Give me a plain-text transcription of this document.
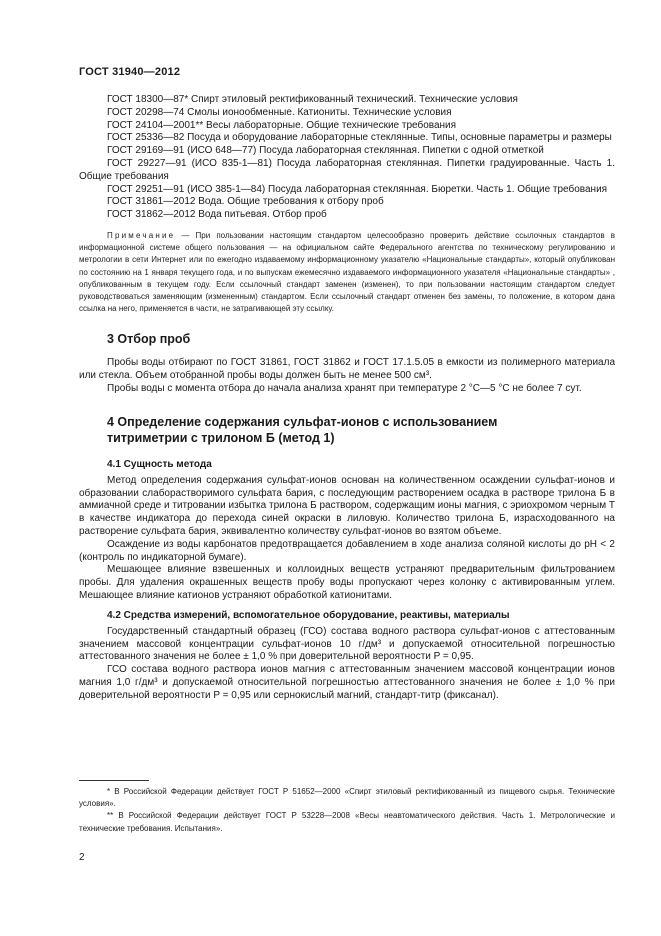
ГОСТ 31940—2012

ГОСТ 18300—87* Спирт этиловый ректификованный технический. Технические условия

ГОСТ 20298—74 Смолы ионообменные. Катиониты. Технические условия

ГОСТ 24104—2001** Весы лабораторные. Общие технические требования

ГОСТ 25336—82 Посуда и оборудование лабораторные стеклянные. Типы, основные параметры и размеры

ГОСТ 29169—91 (ИСО 648—77) Посуда лабораторная стеклянная. Пипетки с одной отметкой

ГОСТ 29227—91 (ИСО 835-1—81) Посуда лабораторная стеклянная. Пипетки градуированные. Часть 1. Общие требования

ГОСТ 29251—91 (ИСО 385-1—84) Посуда лабораторная стеклянная. Бюретки. Часть 1. Общие требования

ГОСТ 31861—2012 Вода. Общие требования к отбору проб

ГОСТ 31862—2012 Вода питьевая. Отбор проб

Примечание — При пользовании настоящим стандартом целесообразно проверить действие ссылочных стандартов в информационной системе общего пользования — на официальном сайте Федерального агентства по техническому регулированию и метрологии в сети Интернет или по ежегодно издаваемому информационному указателю «Национальные стандарты», который опубликован по состоянию на 1 января текущего года, и по выпускам ежемесячно издаваемого информационного указателя «Национальные стандарты» , опубликованным в текущем году. Если ссылочный стандарт заменен (изменен), то при пользовании настоящим стандартом следует руководствоваться заменяющим (измененным) стандартом. Если ссылочный стандарт отменен без замены, то положение, в котором дана ссылка на него, применяется в части, не затрагивающей эту ссылку.

3 Отбор проб

Пробы воды отбирают по ГОСТ 31861, ГОСТ 31862 и ГОСТ 17.1.5.05 в емкости из полимерного материала или стекла. Объем отобранной пробы воды должен быть не менее 500 см³.

Пробы воды с момента отбора до начала анализа хранят при температуре 2 °С—5 °С не более 7 сут.

4 Определение содержания сульфат-ионов с использованием
титриметрии с трилоном Б (метод 1)
4.1 Сущность метода

Метод определения содержания сульфат-ионов основан на количественном осаждении сульфат-ионов и образовании слаборастворимого сульфата бария, с последующим растворением осадка в растворе трилона Б в аммиачной среде и титровании избытка трилона Б раствором, содержащим ионы магния, с эриохромом черным Т в качестве индикатора до перехода синей окраски в лиловую. Количество трилона Б, израсходованного на растворение сульфата бария, эквивалентно количеству сульфат-ионов во взятом объеме.

Осаждение из воды карбонатов предотвращается добавлением в ходе анализа соляной кислоты до pH < 2 (контроль по индикаторной бумаге).

Мешающее влияние взвешенных и коллоидных веществ устраняют предварительным фильтрованием пробы. Для удаления окрашенных веществ пробу воды пропускают через колонку с активированным углем. Мешающее влияние катионов устраняют обработкой катионитами.

4.2 Средства измерений, вспомогательное оборудование, реактивы, материалы

Государственный стандартный образец (ГСО) состава водного раствора сульфат-ионов с аттестованным значением массовой концентрации сульфат-ионов 10 г/дм³ и допускаемой относительной погрешностью аттестованного значения не более ± 1,0 % при доверительной вероятности P = 0,95.

ГСО состава водного раствора ионов магния с аттестованным значением массовой концентрации ионов магния 1,0 г/дм³ и допускаемой относительной погрешностью аттестованного значения не более ± 1,0 % при доверительной вероятности P = 0,95 или сернокислый магний, стандарт-титр (фиксанал).

* В Российской Федерации действует ГОСТ Р 51652—2000 «Спирт этиловый ректификованный из пищевого сырья. Технические условия».

** В Российской Федерации действует ГОСТ Р 53228—2008 «Весы неавтоматического действия. Часть 1. Метрологические и технические требования. Испытания».

2
